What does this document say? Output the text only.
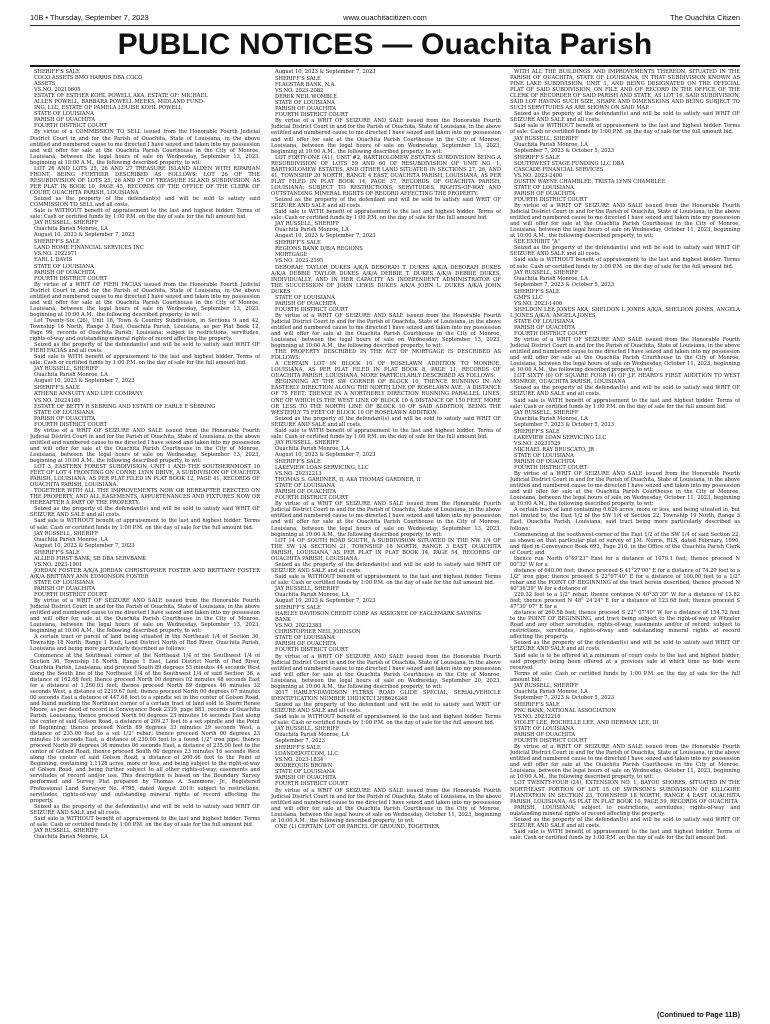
10B • Thursday, September 7, 2023	www.ouachitacitizen.com	The Ouachita Citizen
PUBLIC NOTICES — Ouachita Parish
SHERIFF'S SALE
COCO ASSETS BMO HARRIS DBA COCO
ASSETS
VS.NO. 20210605
ESTATE OF ESTHER KOHL POWELL AKA, ESTATE OF: MICHAEL
ALLEN POWELL, BARBARA POWELL MEEKS, MIDLAND FUND-
ING, LLC, ESTATE OF PAMELA LOUISE KOHL POWELL
STATE OF LOUISIANA
PARISH OF OUACHITA
FOURTH DISTRICT COURT
By virtue of a COMMISSION TO SELL issued from the Honorable Fourth Judicial District Court in and for the Parish of Ouachita, State of Louisiana, in the above entitled and numbered cause to me directed I have seized and taken into my possession and will offer for sale at the Ouachita Parish Courthouse in the City of Monroe, Louisiana, between the legal hours of sale on Wednesday, September 13, 2023, beginning at 10:00 A.M., the following described property, to wit:
LOT 26 AND LOTS 25, 26 AND 27 TREASURE ISLAND ALDEN WITH RIPARIAN FRONT, BEING FURTHER DESCRIBED AS FOLLOWS: LOT 26 OF THE RESUBDIVISION OF LOTS 25, 26 AND 27 OF TREASURE ISLAND SUBDIVISION, AS PER PLAT IN BOOK 10, PAGE 45, RECORDS OF THE OFFICE OF THE CLERK OF COURT, OUACHITA PARISH, LOUISIANA
Seized as the property of the defendant(s) and will be sold to satisfy said COMMISSION TO SELL and all costs.
Sale is WITHOUT benefit of appraisement to the last and highest bidder. Terms of sale: Cash or certified funds by 1:00 P.M. on the day of sale for the full amount bid.
JAY RUSSELL, SHERIFF
Ouachita Parish Monroe, LA
August 10, 2023 & September 7, 2023
SHERIFF'S SALE
LAND HOME FINANCIAL SERVICES INC
VS.NO. 2022971
EARL L DAVIS
STATE OF LOUISIANA
PARISH OF OUACHITA
FOURTH DISTRICT COURT
By virtue of a WRIT OF FIERI FACIAS issued from the Honorable Fourth Judicial District Court in and for the Parish of Ouachita, State of Louisiana, in the above entitled and numbered cause to me directed I have seized and taken into my possession and will offer for sale at the Ouachita Parish Courthouse in the City of Monroe, Louisiana, between the legal hours of sale on Wednesday, September 13, 2023, beginning at 10:00 A.M., the following described property, to wit:
Lot Twenty-Six (26), Unit 18, Town & Country Subdivision, in Sections 9 and 42, Township 16 North, Range 3 East, Ouachita Parish, Louisiana, as per Plat Book 12, Page 99, records of Ouachita Parish, Louisiana; subject to restrictions, servitudes, rights-of-way and outstanding mineral rights of record affecting the property.
Seized as the property of the defendant(s) and will be sold to satisfy said WRIT OF FIERI FACIAS and all costs.
Said sale is WITH benefit of appraisement to the last and highest bidder. Terms of sale: Cash or certified funds by 1:00 P.M. on the day of sale for the full amount bid.
JAY RUSSELL, SHERIFF
Ouachita Parish Monroe, LA
August 10, 2023 & September 7, 2023
SHERIFF'S SALE
ATHENE ANNUITY AND LIFE COMPANY
VS.NO. 20224185
ESTATE OF BETTY R SEBRING AND ESTATE OF EARLE E SEBRING
STATE OF LOUISIANA
PARISH OF OUACHITA
FOURTH DISTRICT COURT
By virtue of a WRIT OF SEIZURE AND SALE issued from the Honorable Fourth Judicial District Court in and for the Parish of Ouachita, State of Louisiana, in the above entitled and numbered cause to me directed I have seized and taken into my possession and will offer for sale at the Ouachita Parish Courthouse in the City of Monroe, Louisiana, between the legal hours of sale on Wednesday, September 13, 2023, beginning at 10:00 A.M., the following described property, to wit:
LOT 3, EASTERN FOREST SUBDIVISION, UNIT 1 AND THE SOUTHERNMOST 10 FEET OF LOT 4 FRONTING ON CONNE LYNN DRIVE, A SUBDIVISION OF OUACHITA PARISH, LOUISIANA, AS PER PLAT FILED IN PLAT BOOK 12, PAGE 41, RECORDS OF OUACHITA PARISH, LOUISIANA.
TOGETHER WITH ALL THE IMPROVEMENTS NOW OR HEREAFTER ERECTED ON THE PROPERTY, AND ALL EASEMENTS, APPURTENANCES AND FIXTURES NOW OR HEREAFTER A PART OF THE PROPERTY.
Seized as the property of the defendant(s) and will be sold to satisfy said WRIT OF SEIZURE AND SALE and all costs.
Said sale is WITHOUT benefit of appraisement to the last and highest bidder. Terms of sale: Cash or certified funds by 1:00 P.M. on the day of sale for the full amount bid.
JAY RUSSELL, SHERIFF
Ouachita Parish Monroe, LA
August 10, 2023 & September 7, 2023
SHERIFF'S SALE
ALLIED FIRST BANK, SB DBA SERVBANK
VS.NO. 2023-1901
JORDAN FOSTER A/K/A JORDAN CHRISTOPHER FOSTER AND BRITTANY FOSTER A/K/A BRITTANY ANN EDMONSON FOSTER
STATE OF LOUISIANA
PARISH OF OUACHITA
FOURTH DISTRICT COURT
By virtue of a WRIT OF SEIZURE AND SALE issued from the Honorable Fourth Judicial District Court in and for the Parish of Ouachita, State of Louisiana, in the above entitled and numbered cause to me directed I have seized and taken into my possession and will offer for sale at the Ouachita Parish Courthouse in the City of Monroe, Louisiana, between the legal hours of sale on Wednesday, September 13, 2023, beginning at 10:00 A.M., the following described property, to wit:
A certain tract or parcel of land being situated in the Northeast 1/4 of Section 36, Township 18 North, Range 1 East, Land District North of Red River, Ouachita Parish, Louisiana and being more particularly described as follows:
Commence at the Southeast corner of the Northeast 1/4 of the Southwest 1/4 of Section 36, Township 18 North, Range 1 East, Land District North of Red River, Ouachita Parish, Louisiana; and proceed South 89 degrees 55 minutes 44 seconds West along the South line of the Northeast 1/4 of the Southwest 1/4 of said Section 36, a distance of 162.68 feet; thence proceed North 00 degrees 02 minutes 48 seconds East for a distance of 1,260.03 feet; thence proceed North 89 degrees 46 minutes 32 seconds West, a distance of 2219.67 feet; thence proceed North 00 degrees 07 minutes 00 seconds East a distance of 447.68 feet to a spindle set in the center of Golson Road, and found marking the Northeast corner of a certain tract of land sold to Sherri Renee Moore, as per deed of record in Conveyance Book 2339, page 883, records of Ouachita Parish, Louisiana; thence proceed North 00 degrees 23 minutes 16 seconds East along the center of said Golson Road, a distance of 209.27 feet to a set spindle and the Point of Beginning; thence proceed North 89 degrees 33 minutes 29 seconds West, a distance of 235.00 feet to a set 1/2" rebar; thence proceed North 00 degrees 23 minutes 16 seconds East, a distance of 230.00 feet to a found 1/2" iron pipe; thence proceed North 89 degrees 36 minutes 06 seconds East, a distance of 235.00 feet to the center of Golson Road; thence proceed South 00 degrees 23 minutes 16 seconds West along the center of said Golson Road, a distance of 200.46 feet to the Point of Beginning, containing 1.1128 acres, more or less, and being subject to the right-of-way of Golson Road, and being further subject to all other rights-of-way, easements and servitudes of record and/or use. This description is based on the Boundary Survey performed and Survey Plat prepared by Thomas A. Sammons, Jr., Registered Professional Land Surveyor No. 4795, dated August 2019; subject to restrictions, servitudes, rights-of-way and outstanding mineral rights of record affecting the property.
Seized as the property of the defendant(s) and will be sold to satisfy said WRIT OF SEIZURE AND SALE and all costs.
Said sale is WITHOUT benefit of appraisement to the last and highest bidder. Terms of sale: Cash or certified funds by 1:00 P.M. on the day of sale for the full amount bid.
JAY RUSSELL, SHERIFF
Ouachita Parish Monroe, LA
August 10, 2023 & September 7, 2023
SHERIFF'S SALE
FLAGSTAR BANK, N.A.
VS.NO. 2023-2082
DEREK NEIL WOMBLE
STATE OF LOUISIANA
PARISH OF OUACHITA
FOURTH DISTRICT COURT
By virtue of a WRIT OF SEIZURE AND SALE issued from the Honorable Fourth Judicial District Court in and for the Parish of Ouachita, State of Louisiana, in the above entitled and numbered cause to me directed I have seized and taken into my possession and will offer for sale at the Ouachita Parish Courthouse in the City of Monroe, Louisiana, between the legal hours of sale on Wednesday, September 13, 2023, beginning at 10:00 A.M., the following described property, to wit:
LOT FORTY-ONE (41), UNIT #2, BARTHOLOMEW ESTATES SUBDIVISION BEING A RESUBDIVISION OF LOTS 59 AND 60 OF RESUBDIVISION OF UNIT NO. 1, BARTHOLOMEW ESTATES, AND OTHER LAND SITUATED IN SECTIONS 27, 26, AND 41, TOWNSHIP 20 NORTH, RANGE 4 EAST, OUACHITA PARISH, LOUISIANA, AS PER PLAT FILED IN PLAT BOOK 14, PAGE 37, RECORDS OF OUACHITA PARISH, LOUISIANA; SUBJECT TO RESTRICTIONS, SERVITUDES, RIGHTS-OF-WAY AND OUTSTANDING MINERAL RIGHTS OF RECORD AFFECTING THE PROPERTY.
Seized as the property of the defendant and will be sold to satisfy said WRIT OF SEIZURE AND SALE and all costs.
Said sale is WITH benefit of appraisement to the last and highest bidder. Terms of sale: Cash or certified funds by 1:00 P.M. on the day of sale for the full amount bid.
JAY RUSSELL, SHERIFF
Ouachita Parish Monroe, LA
August 10, 2023 & September 7, 2023
SHERIFF'S SALE
REGIONS BANK D/B/A REGIONS
MORTGAGE
VS.NO. 2023-2195
DEBORAH TAYLOR DUKES A/K/A DEBORAH T. DUKES A/K/A DEBORAH DUKES A/K/A DEBBIE TAYLOR DUKES A/K/A DEBBIE T. DUKES A/K/A DEBBIE DUKES, INDIVIDUALLY, AND IN HER CAPACITY AS INDEPENDENT ADMINISTRATOR OF THE SUCCESSION OF JOHN LEWIS DUKES A/K/A JOHN L. DUKES A/K/A JOHN DUKES
STATE OF LOUISIANA
PARISH OF OUACHITA
FOURTH DISTRICT COURT
By virtue of a WRIT OF SEIZURE AND SALE issued from the Honorable Fourth Judicial District Court in and for the Parish of Ouachita, State of Louisiana, in the above entitled and numbered cause to me directed I have seized and taken into my possession and will offer for sale at the Ouachita Parish Courthouse in the City of Monroe, Louisiana, between the legal hours of sale on Wednesday, September 13, 2023, beginning at 10:00 A.M., the following described property, to wit:
THE PROPERTY DESCRIBED IN THE ACT OF MORTGAGE IS DESCRIBED AS FOLLOWS:
A CERTAIN LOT IN BLOCK 10 OF ROSELAWN ADDITION TO MONROE, LOUISIANA, AS PER PLAT FILED IN PLAT BOOK 8, PAGE 11, RECORDS OF OUACHITA PARISH, LOUISIANA, MORE PARTICULARLY DESCRIBED AS FOLLOWS:
BEGINNING AT THE SW CORNER OF BLOCK 10, THENCE RUNNING IN AN EASTERLY DIRECTION ALONG THE NORTH LINE OF ROSELAWN AVE., A DISTANCE OF 75 FEET; THENCE IN A NORTHERLY DIRECTION RUNNING PARALLEL LINES, ONE OF WHICH IS THE WEST LINE OF BLOCK 10 A DISTANCE OF 150 FEET, MORE OR LESS TO THE NORTH LINE OF BLOCK 10 OF SAID ADDITION, BEING THE WESTERLY 75 FEET OF BLOCK 10 OF ROSELAWN ADDITION.
Seized as the property of the defendant(s) and will be sold to satisfy said WRIT OF SEIZURE AND SALE and all costs.
Said sale is WITH benefit of appraisement to the last and highest bidder. Terms of sale: Cash or certified funds by 1:00 P.M. on the day of sale for the full amount bid.
JAY RUSSELL, SHERIFF
Ouachita Parish Monroe, LA
August 10, 2023 & September 7, 2023
SHERIFF'S SALE
LAKEVIEW LOAN SERVICING, LLC
VS.NO. 20232213
THOMAS S. GARDNER, II, AKA THOMAS GARDNER, II
STATE OF LOUISIANA
PARISH OF OUACHITA
FOURTH DISTRICT COURT
By virtue of a WRIT OF SEIZURE AND SALE issued from the Honorable Fourth Judicial District Court in and for the Parish of Ouachita, State of Louisiana, in the above entitled and numbered cause to me directed I have seized and taken into my possession and will offer for sale at the Ouachita Parish Courthouse in the City of Monroe, Louisiana, between the legal hours of sale on Wednesday, September 13, 2023, beginning at 10:00 A.M., the following described property, to wit:
LOT 14 OF SOUTH ROAD SOUTH, A SUBDIVISION SITUATED IN THE NW 1/4 OF THE SW 1/4 SECTION 21, TOWNSHIP 18 NORTH, RANGE 3 EAST, OUACHITA PARISH, LOUISIANA, AS PER PLAT IN PLAT BOOK 14, PAGE 54, RECORDS OF OUACHITA PARISH, LOUISIANA.
Seized as the property of the defendant(s) and will be sold to satisfy said WRIT OF SEIZURE AND SALE and all costs.
Said sale is WITHOUT benefit of appraisement to the last and highest bidder. Terms of sale: Cash or certified funds by 1:00 P.M. on the day of sale for the full amount bid.
JAY RUSSELL, SHERIFF
Ouachita Parish Monroe, LA
August 10, 2023 & September 7, 2023
SHERIFF'S SALE
HARLEY DAVIDSON CREDIT CORP AS ASSIGNEE OF EAGLEMARK SAVINGS
BANK
VS.NO. 20232383
CHRISTOPHER NEIL JOHNSON
STATE OF LOUISIANA
PARISH OF OUACHITA
FOURTH DISTRICT COURT
By virtue of a WRIT OF SEIZURE AND SALE issued from the Honorable Fourth Judicial District Court in and for the Parish of Ouachita, State of Louisiana, in the above entitled and numbered cause to me directed I have seized and taken into my possession and will offer for sale at the Ouachita Parish Courthouse in the City of Monroe, Louisiana, between the legal hours of sale on Wednesday, September 20, 2023, beginning at 10:00 A.M., the following described property, to wit:
2017 HARLEY-DAVIDSON FLTRXS ROAD GLIDE SPECIAL, SERIAL/VEHICLE IDENTIFICATION NUMBER 1HD1KTC13HB626248
Seized as the property of the defendant and will be sold to satisfy said WRIT OF SEIZURE AND SALE and all costs.
Said sale is WITHOUT benefit of appraisement to the last and highest bidder. Terms of sale: Cash or certified funds by 1:00 P.M. on the day of sale for the full amount bid.
JAY RUSSELL, SHERIFF
Ouachita Parish Monroe, LA
September 7, 2023
SHERIFF'S SALE
LOANDEPOT.COM, LLC
VS.NO. 2023-1834
RODREQUIS BROWN
STATE OF LOUISIANA
PARISH OF OUACHITA
FOURTH DISTRICT COURT
By virtue of a WRIT OF SEIZURE AND SALE issued from the Honorable Fourth Judicial District Court in and for the Parish of Ouachita, State of Louisiana, in the above entitled and numbered cause to me directed I have seized and taken into my possession and will offer for sale at the Ouachita Parish Courthouse in the City of Monroe, Louisiana, between the legal hours of sale on Wednesday, October 11, 2023, beginning at 10:00 A.M., the following described property, to wit:
ONE (1) CERTAIN LOT OR PARCEL OF GROUND, TOGETHER
WITH ALL THE BUILDINGS AND IMPROVEMENTS THEREON, SITUATED IN THE PARISH OF OUACHITA, STATE OF LOUISIANA, IN THAT SUBDIVISION KNOWN AS PINE LAKE SUBDIVISION, UNIT 1, AND BEING DESIGNATED ON THE OFFICIAL PLAT OF SAID SUBDIVISION, ON FILE AND OF RECORD IN THE OFFICE OF THE CLERK OF RECORDER OF SAID PARISH AND STATE, AS LOT 16, SAID SUBDIVISION, SAID LOT HAVING SUCH SIZE, SHAPE AND DIMENSIONS AND BEING SUBJECT TO SUCH SERVITUDES AS ARE SHOWN ON SAID MAP.
Seized as the property of the defendant(s) and will be sold to satisfy said WRIT OF SEIZURE AND SALE and all costs.
Said sale is WITHOUT benefit of appraisement to the last and highest bidder. Terms of sale: Cash or certified funds by 1:00 P.M. on the day of sale for the full amount bid.
JAY RUSSELL, SHERIFF
Ouachita Parish Monroe, LA
September 7, 2023 & October 5, 2023
SHERIFF'S SALE
SOUTHWEST STAGE FUNDING LLC DBA
CASCADE FINANCIAL SERVICES
VS.NO. 2023-2400
DUSTIN WAYNE CHAMBLEE, TRISTA LYNN CHAMBLEE
STATE OF LOUISIANA
PARISH OF OUACHITA
FOURTH DISTRICT COURT
By virtue of a WRIT OF SEIZURE AND SALE issued from the Honorable Fourth Judicial District Court in and for the Parish of Ouachita, State of Louisiana, in the above entitled and numbered cause to me directed I have seized and taken into my possession and will offer for sale at the Ouachita Parish Courthouse in the City of Monroe, Louisiana, between the legal hours of sale on Wednesday, October 11, 2023, beginning at 10:00 A.M., the following described property, to wit:
SEE EXHIBIT "A"
Seized as the property of the defendant(s) and will be sold to satisfy said WRIT OF SEIZURE AND SALE and all costs.
Said sale is WITHOUT benefit of appraisement to the last and highest bidder. Terms of sale: Cash or certified funds by 1:00 P.M. on the day of sale for the full amount bid.
JAY RUSSELL, SHERIFF
Ouachita Parish Monroe, LA
September 7, 2023 & October 5, 2023
SHERIFF'S SALE
GMFS LLC
VS.NO. 2023-1406
SHELDON LEE JONES AKA, SHELDON L JONES A/K/A, SHELDON JONES, ANGELA L JONES A/K/A, ANGELA JONES
STATE OF LOUISIANA
PARISH OF OUACHITA
FOURTH DISTRICT COURT
By virtue of a WRIT OF SEIZURE AND SALE issued from the Honorable Fourth Judicial District Court in and for the Parish of Ouachita, State of Louisiana, in the above entitled and numbered cause to me directed I have seized and taken into my possession and will offer for sale at the Ouachita Parish Courthouse in the City of Monroe, Louisiana, between the legal hours of sale on Wednesday, October 11, 2023, beginning at 10:00 A.M., the following described property, to wit:
LOT SIXTY (6) OF SQUARE FOUR (4) OF J.F. HEARD'S FIRST ADDITION TO WEST MONROE, OUACHITA PARISH, LOUISIANA
Seized as the property of the defendant(s) and will be sold to satisfy said WRIT OF SEIZURE AND SALE and all costs.
Said sale is WITH benefit of appraisement to the last and highest bidder. Terms of sale: Cash or certified funds by 1:00 P.M. on the day of sale for the full amount bid.
JAY RUSSELL, SHERIFF
Ouachita Parish Monroe, LA
September 7, 2023 & October 5, 2023
SHERIFF'S SALE
LAKEVIEW LOAN SERVICING LLC
VS.NO. 20231529
MICHAEL RAY BRUSCATO, JR
STATE OF LOUISIANA
PARISH OF OUACHITA
FOURTH DISTRICT COURT
By virtue of a WRIT OF SEIZURE AND SALE issued from the Honorable Fourth Judicial District Court in and for the Parish of Ouachita, State of Louisiana, in the above entitled and numbered cause to me directed I have seized and taken into my possession and will offer for sale at the Ouachita Parish Courthouse in the City of Monroe, Louisiana, between the legal hours of sale on Wednesday, October 11, 2023, beginning at 10:00 A.M., the following described property, to wit:
A certain tract of land containing 0.626 acres, more or less, and being situated in, but not limited to, the East 1/2 of the SW 1/4 of Section 22, Township 19 North, Range 3 East, Ouachita Parish, Louisiana, said tract being more particularly described as follows:
Commencing at the southwest corner of the East 1/2 of the SW 1/4 of said Section 22, as shown on that particular plat of survey of J.M. Norris, RLS, dated February, 1990, and filed in Conveyance Book 693, Page 310, in the Office of the Ouachita Parish Clerk of Court; and
thence run North 0°49'23" East for a distance of 1079.1 feet; thence proceed N 00°32' W for a
distance of 640.06 feet; thence proceed S 41°27'00" E for a distance of 74.20 feet to a 1/2" iron pipe; thence proceed S 22°07'40" E for a distance of 100.00 feet to a 1/2" rebar and the POINT OF BEGINNING of the tract herein described; thence proceed N 40°36'39" W for a distance of
229.32 feet to a 1/2" rebar; thence continue N 40°35'39" W for a distance of 13.82 feet; thence proceed N 48° 24'24" E for a distance of 123.68 feet; thence proceed S 47°30' 07" E for a
distance of 260.58 feet; thence proceed S 22° 07'40" W for a distance of 154.72 feet to the POINT OF BEGINNING, and tract being subject to the right-of-way of Wheeler Road and any other servitudes, rights-of-way, easements and/or of record; subject to restrictions, servitudes, rights-of-way and outstanding mineral rights of record affecting the property.
Seized as the property of the defendant(s) and will be sold to satisfy said WRIT OF SEIZURE AND SALE and all costs.
Said sale is to be offered at a minimum of court costs to the last and highest bidder, said property being been offered at a previous sale at which time no bids were received.
Terms of sale: Cash or certified funds by 1:00 P.M. on the day of sale for the full amount bid.
JAY RUSSELL, SHERIFF
Ouachita Parish Monroe, LA
September 7, 2023 & October 5, 2023
SHERIFF'S SALE
PNC BANK, NATIONAL ASSOCIATION
VS.NO. 20232216
VIOLET LEE, ROCHELLE LEE, AND HERMAN LEE, III
STATE OF LOUISIANA
PARISH OF OUACHITA
FOURTH DISTRICT COURT
By virtue of a WRIT OF SEIZURE AND SALE issued from the Honorable Fourth Judicial District Court in and for the Parish of Ouachita, State of Louisiana, in the above entitled and numbered cause to me directed I have seized and taken into my possession and will offer for sale at the Ouachita Parish Courthouse in the City of Monroe, Louisiana, between the legal hours of sale on Wednesday, October 11, 2023, beginning at 10:00 A.M., the following described property, to wit:
LOT TWENTY-FOUR (24), EXTENSION NO. 1, BAYOU SHORES, SITUATED IN THE NORTHEAST PORTION OF LOT 15 OF SWINSON'S SUBDIVISION OF KILLGORE PLANTATION IN SECTION 23, TOWNSHIP 18 NORTH, RANGE 4 EAST, OUACHITA PARISH, LOUISIANA, AS PLAT IN PLAT BOOK 10, PAGE 59, RECORDS OF OUACHITA
PARISH, LOUISIANA; subject to restrictions, servitudes, rights-of-way and outstanding mineral rights of record affecting the property.
Seized as the property of the defendant(s) and will be sold to satisfy said WRIT OF SEIZURE AND SALE and all costs.
Said sale is WITH benefit of appraisement to the last and highest bidder. Terms of sale: Cash or certified funds by 1:00 P.M. on the day of sale for the full amount bid.
(Continued to Page 11B)
